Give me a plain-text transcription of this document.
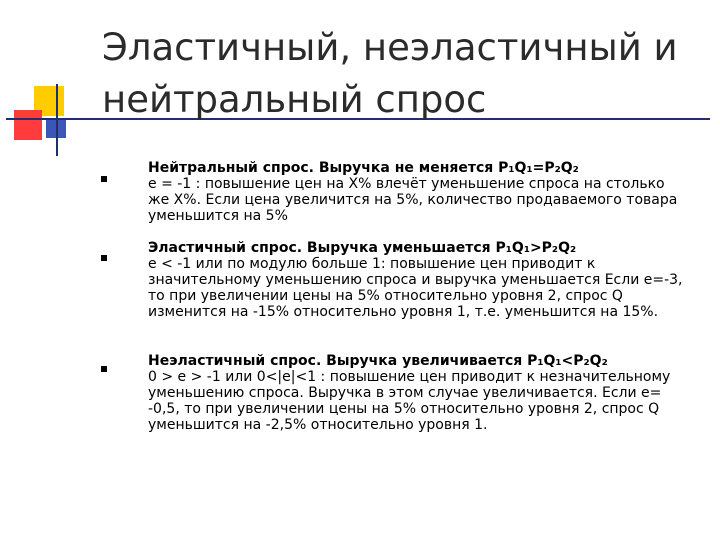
Эластичный, неэластичный и нейтральный спрос
Нейтральный спрос. Выручка не меняется P₁Q₁=P₂Q₂
e = -1 : повышение цен на Х% влечёт уменьшение спроса на столько же Х%. Если цена увеличится на 5%, количество продаваемого товара уменьшится на 5%
Эластичный спрос. Выручка уменьшается P₁Q₁>P₂Q₂
e < -1 или по модулю больше 1: повышение цен приводит к значительному уменьшению спроса и выручка уменьшается Если e=-3, то при увеличении цены на 5% относительно уровня 2, спрос Q изменится на -15% относительно уровня 1, т.е. уменьшится на 15%.
Неэластичный спрос. Выручка увеличивается P₁Q₁<P₂Q₂
0 > e > -1 или 0<|e|<1 : повышение цен приводит к незначительному уменьшению спроса. Выручка в этом случае увеличивается. Если e= -0,5, то при увеличении цены на 5% относительно уровня 2, спрос Q уменьшится на -2,5% относительно уровня 1.
